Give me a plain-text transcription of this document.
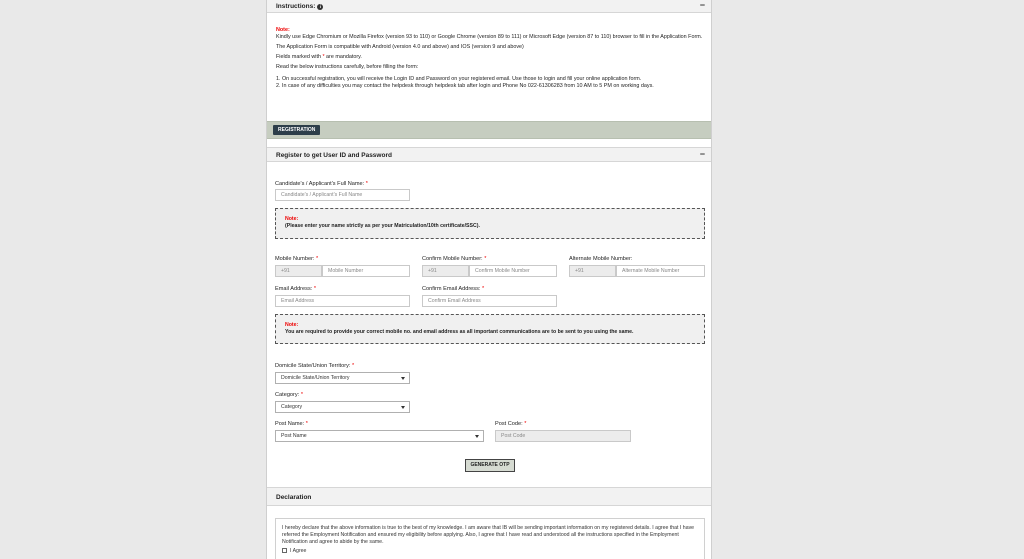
Instructions: i	−
Note:

Kindly use Edge Chromium or Mozilla Firefox (version 93 to 110) or Google Chrome (version 89 to 111) or Microsoft Edge (version 87 to 110) browser to fill in the Application Form.

The Application Form is compatible with Android (version 4.0 and above) and IOS (version 9 and above)

Fields marked with * are mandatory.

Read the below instructions carefully, before filling the form:

1. On successful registration, you will receive the Login ID and Password on your registered email. Use those to login and fill your online application form.
2. In case of any difficulties you may contact the helpdesk through helpdesk tab after login and Phone No 022-61306283 from 10 AM to 5 PM on working days.
REGISTRATION
Register to get User ID and Password	−
Candidate's / Applicant's Full Name: *
Candidate's / Applicant's Full Name
Note:
(Please enter your name strictly as per your Matriculation/10th certificate/SSC).
Mobile Number: *
+91	Mobile Number
Confirm Mobile Number: *
+91	Confirm Mobile Number
Alternate Mobile Number:
+91	Alternate Mobile Number
Email Address: *
Email Address
Confirm Email Address: *
Confirm Email Address
Note:
You are required to provide your correct mobile no. and email address as all important communications are to be sent to you using the same.
Domicile State/Union Territory: *
Domicile State/Union Territory
Category: *
Category
Post Name: *
Post Name
Post Code: *
Post Code
GENERATE OTP
Declaration
I hereby declare that the above information is true to the best of my knowledge. I am aware that IB will be sending important information on my registered details. I agree that I have referred the Employment Notification and ensured my eligibility before applying. Also, I agree that I have read and understood all the instructions specified in the Employment Notification and agree to abide by the same.
I Agree
